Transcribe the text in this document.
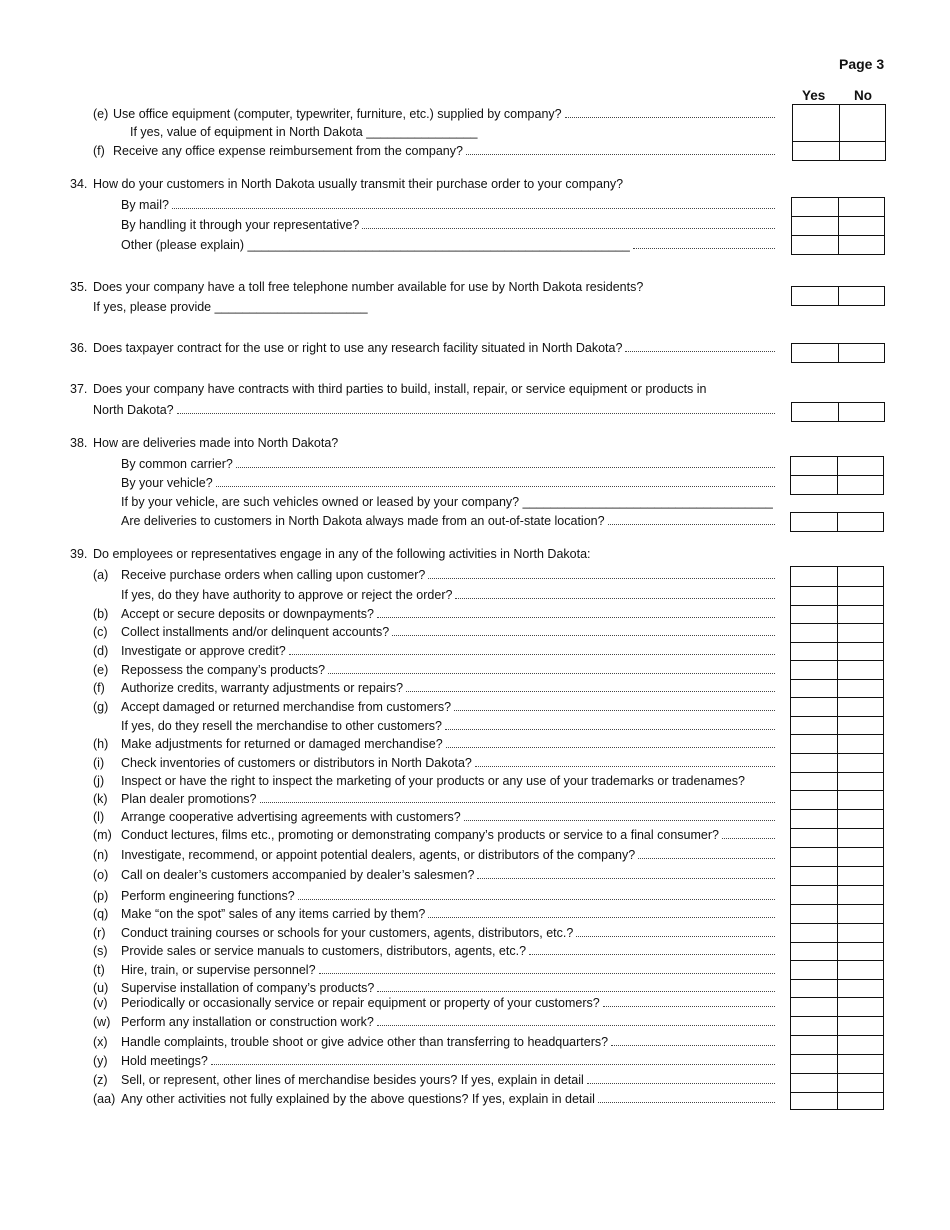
Page 3
Yes No
(e) Use office equipment (computer, typewriter, furniture, etc.) supplied by company?
If yes, value of equipment in North Dakota ________________
(f) Receive any office expense reimbursement from the company?
34. How do your customers in North Dakota usually transmit their purchase order to your company?
By mail?
By handling it through your representative?
Other (please explain) _______________________________________________________
35. Does your company have a toll free telephone number available for use by North Dakota residents?
If yes, please provide ______________________
36. Does taxpayer contract for the use or right to use any research facility situated in North Dakota?
37. Does your company have contracts with third parties to build, install, repair, or service equipment or products in
North Dakota?
38. How are deliveries made into North Dakota?
By common carrier?
By your vehicle?
If by your vehicle, are such vehicles owned or leased by your company? ____________________________________
Are deliveries to customers in North Dakota always made from an out-of-state location?
39. Do employees or representatives engage in any of the following activities in North Dakota:
(a) Receive purchase orders when calling upon customer?
If yes, do they have authority to approve or reject the order?
(b) Accept or secure deposits or downpayments?
(c) Collect installments and/or delinquent accounts?
(d) Investigate or approve credit?
(e) Repossess the company’s products?
(f) Authorize credits, warranty adjustments or repairs?
(g) Accept damaged or returned merchandise from customers?
If yes, do they resell the merchandise to other customers?
(h) Make adjustments for returned or damaged merchandise?
(i) Check inventories of customers or distributors in North Dakota?
(j) Inspect or have the right to inspect the marketing of your products or any use of your trademarks or tradenames?
(k) Plan dealer promotions?
(l) Arrange cooperative advertising agreements with customers?
(m) Conduct lectures, films etc., promoting or demonstrating company’s products or service to a final consumer?
(n) Investigate, recommend, or appoint potential dealers, agents, or distributors of the company?
(o) Call on dealer’s customers accompanied by dealer’s salesmen?
(p) Perform engineering functions?
(q) Make “on the spot” sales of any items carried by them?
(r) Conduct training courses or schools for your customers, agents, distributors, etc.?
(s) Provide sales or service manuals to customers, distributors, agents, etc.?
(t) Hire, train, or supervise personnel?
(u) Supervise installation of company’s products?
(v) Periodically or occasionally service or repair equipment or property of your customers?
(w) Perform any installation or construction work?
(x) Handle complaints, trouble shoot or give advice other than transferring to headquarters?
(y) Hold meetings?
(z) Sell, or represent, other lines of merchandise besides yours? If yes, explain in detail
(aa) Any other activities not fully explained by the above questions? If yes, explain in detail
